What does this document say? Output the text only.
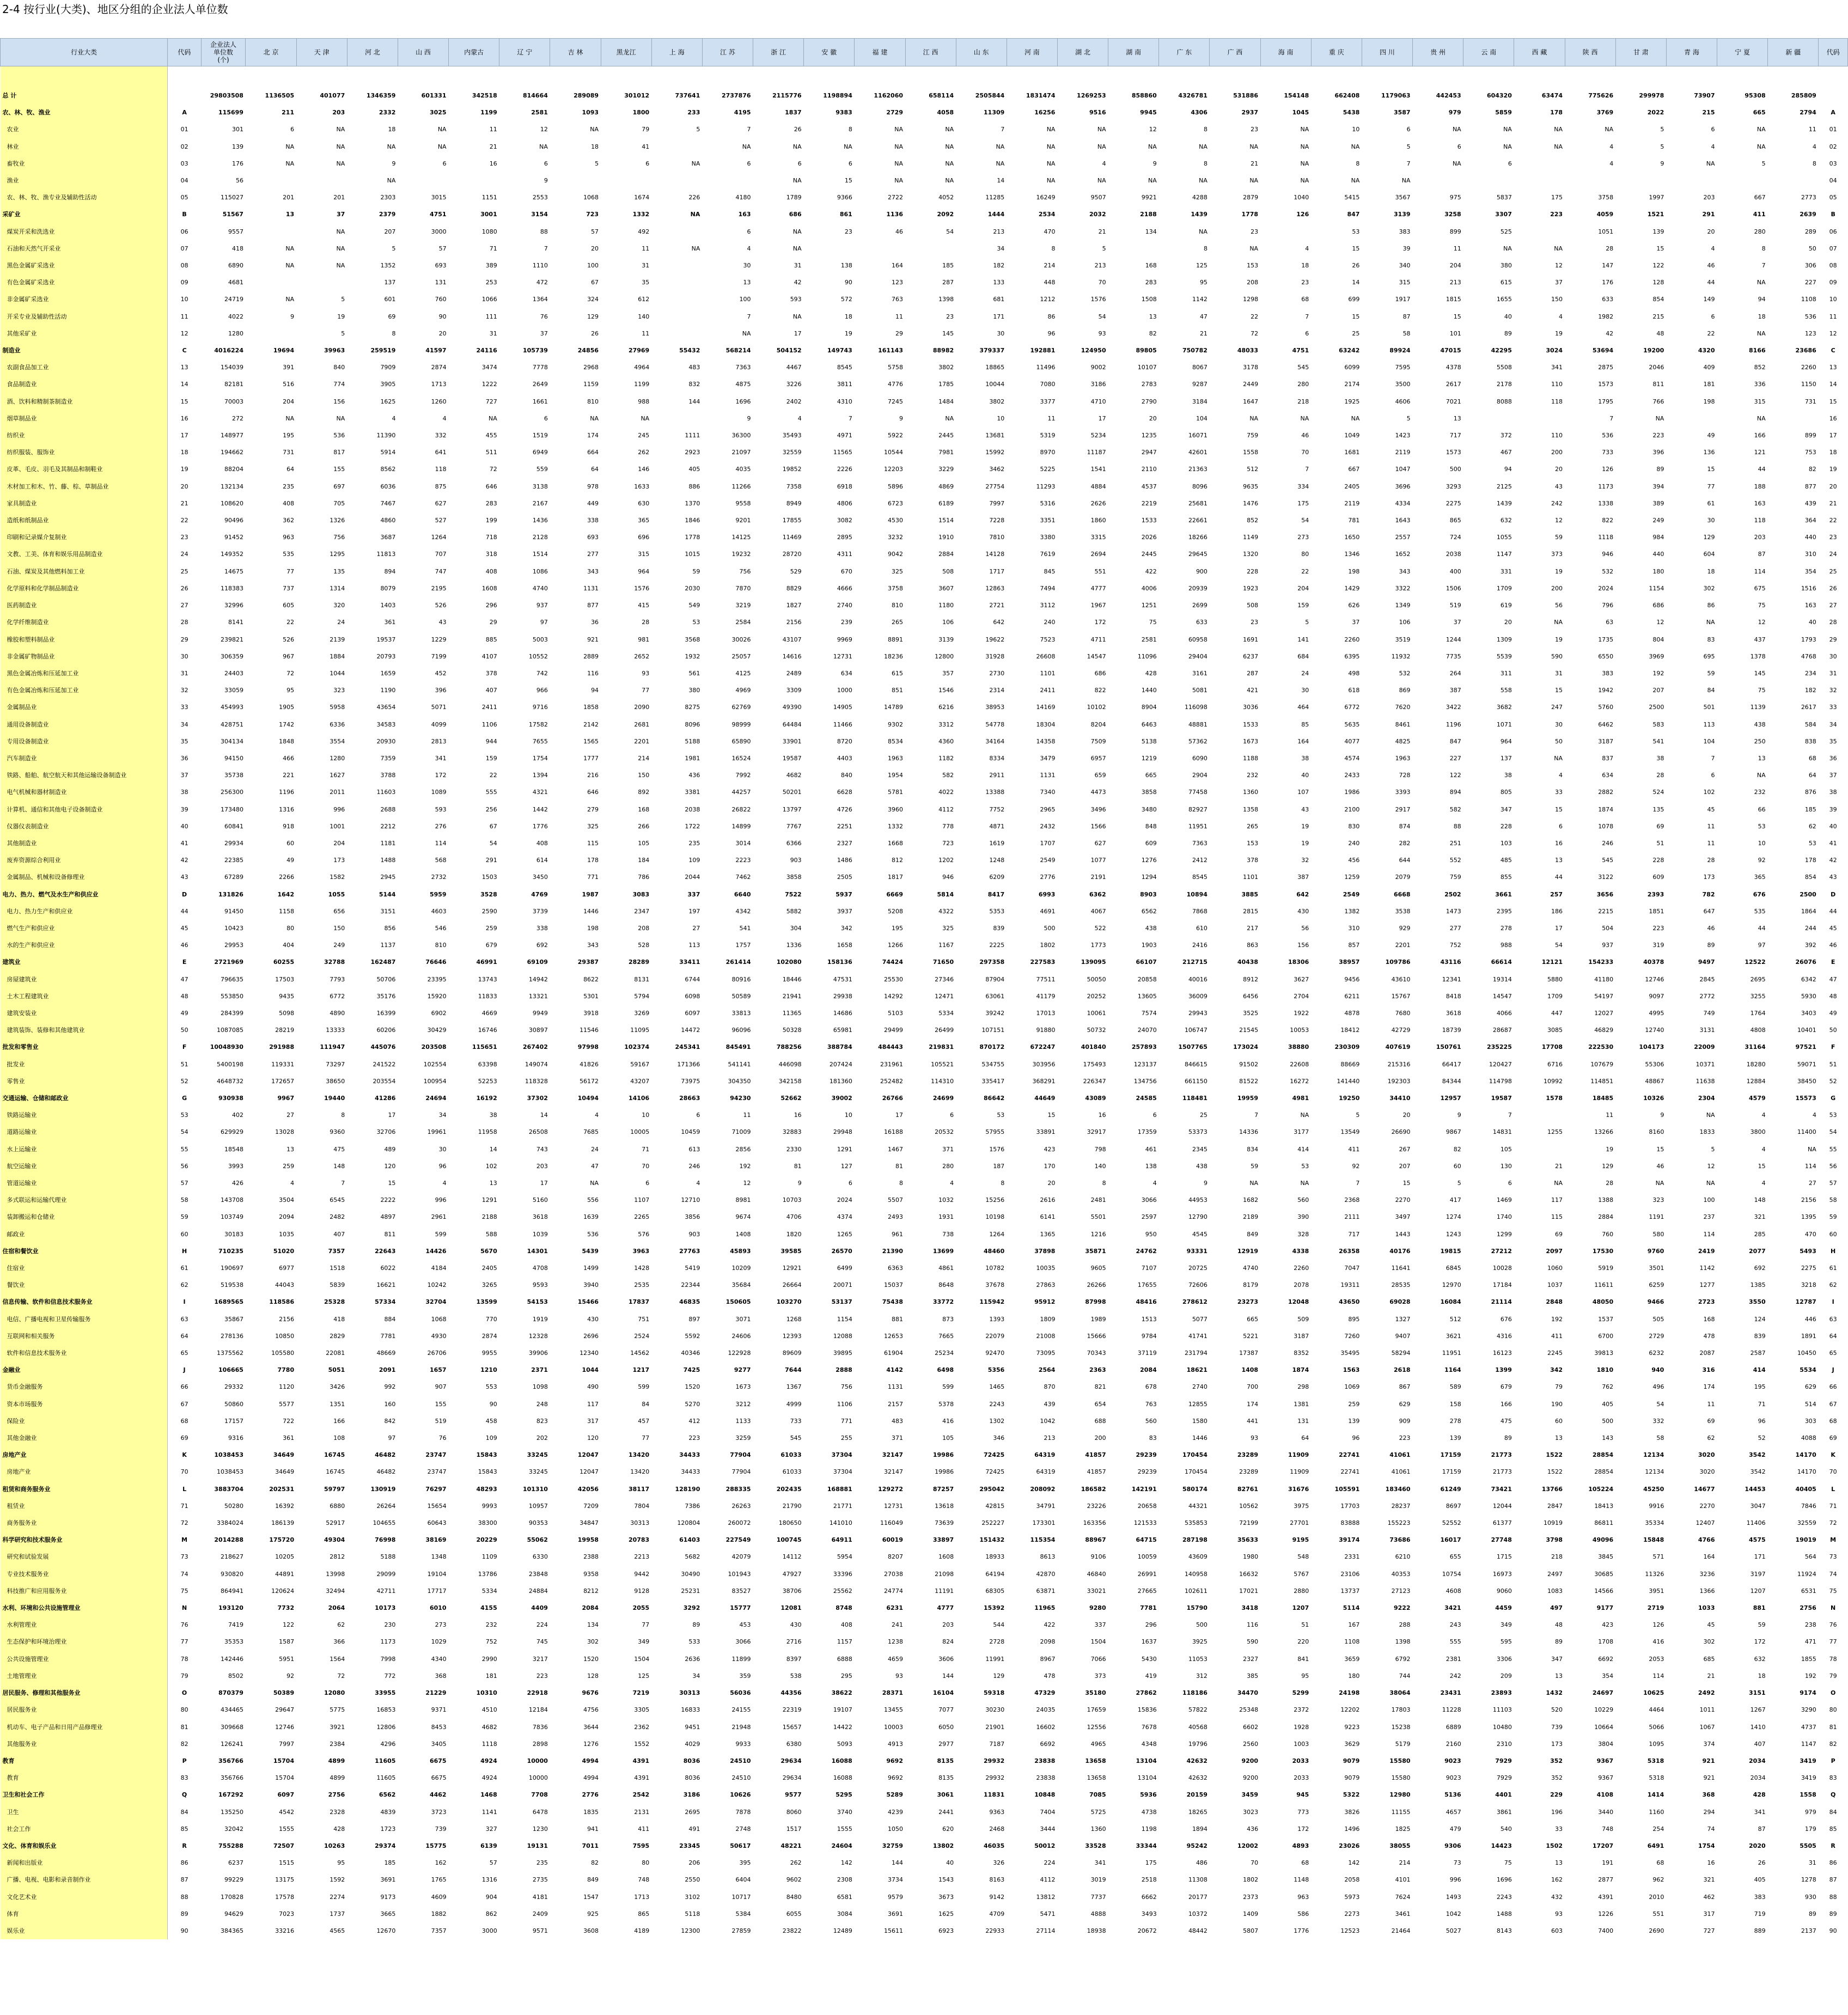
2-4 按行业(大类)、地区分组的企业法人单位数
行业大类	代码	企业法人
单位数
(个)	北 京	天 津	河 北	山 西	内蒙古	辽 宁	吉 林	黑龙江	上 海	江 苏	浙 江	安 徽	福 建	江 西	山 东	河 南	湖 北	湖 南	广 东	广 西	海 南	重 庆	四 川	贵 州	云 南	西 藏	陕 西	甘 肃	青 海	宁 夏	新 疆	代码

总 计		29803508	1136505	401077	1346359	601331	342518	814664	289089	301012	737641	2737876	2115776	1198894	1162060	658114	2505844	1831474	1269253	858860	4326781	531886	154148	662408	1179063	442453	604320	63474	775626	299978	73907	95308	285809	
农、林、牧、渔业	A	115699	211	203	2332	3025	1199	2581	1093	1800	233	4195	1837	9383	2729	4058	11309	16256	9516	9945	4306	2937	1045	5438	3587	979	5859	178	3769	2022	215	665	2794	A
农业	01	301	6	NA	18	NA	11	12	NA	79	5	7	26	8	NA	NA	7	NA	NA	12	8	23	NA	10	6	NA	NA	NA	NA	5	6	NA	11	01
林业	02	139	NA	NA	NA	NA	21	NA	18	41		NA	NA	NA	NA	NA	NA	NA	NA	NA	NA	NA	NA	NA	5	6	NA	NA	4	5	4	NA	4	02
畜牧业	03	176	NA	NA	9	6	16	6	5	6	NA	6	6	6	NA	NA	NA	NA	4	9	8	21	NA	8	7	NA	6		4	9	NA	5	8	03
渔业	04	56			NA			9					NA	15	NA	NA	14	NA	NA	NA	NA	NA	NA	NA	NA									04
农、林、牧、渔专业及辅助性活动	05	115027	201	201	2303	3015	1151	2553	1068	1674	226	4180	1789	9366	2722	4052	11285	16249	9507	9921	4288	2879	1040	5415	3567	975	5837	175	3758	1997	203	667	2773	05
采矿业	B	51567	13	37	2379	4751	3001	3154	723	1332	NA	163	686	861	1136	2092	1444	2534	2032	2188	1439	1778	126	847	3139	3258	3307	223	4059	1521	291	411	2639	B
煤炭开采和洗选业	06	9557		NA	207	3000	1080	88	57	492		6	NA	23	46	54	213	470	21	134	NA	23		53	383	899	525		1051	139	20	280	289	06
石油和天然气开采业	07	418	NA	NA	5	57	71	7	20	11	NA	4	NA				34	8	5		8	NA	4	15	39	11	NA	NA	28	15	4	8	50	07
黑色金属矿采选业	08	6890	NA	NA	1352	693	389	1110	100	31		30	31	138	164	185	182	214	213	168	125	153	18	26	340	204	380	12	147	122	46	7	306	08
有色金属矿采选业	09	4681			137	131	253	472	67	35		13	42	90	123	287	133	448	70	283	95	208	23	14	315	213	615	37	176	128	44	NA	227	09
非金属矿采选业	10	24719	NA	5	601	760	1066	1364	324	612		100	593	572	763	1398	681	1212	1576	1508	1142	1298	68	699	1917	1815	1655	150	633	854	149	94	1108	10
开采专业及辅助性活动	11	4022	9	19	69	90	111	76	129	140		7	NA	18	11	23	171	86	54	13	47	22	7	15	87	15	40	4	1982	215	6	18	536	11
其他采矿业	12	1280		5	8	20	31	37	26	11		NA	17	19	29	145	30	96	93	82	21	72	6	25	58	101	89	19	42	48	22	NA	123	12
制造业	C	4016224	19694	39963	259519	41597	24116	105739	24856	27969	55432	568214	504152	149743	161143	88982	379337	192881	124950	89805	750782	48033	4751	63242	89924	47015	42295	3024	53694	19200	4320	8166	23686	C
农副食品加工业	13	154039	391	840	7909	2874	3474	7778	2968	4964	483	7363	4467	8545	5758	3802	18865	11496	9002	10107	8067	3178	545	6099	7595	4378	5508	341	2875	2046	409	852	2260	13
食品制造业	14	82181	516	774	3905	1713	1222	2649	1159	1199	832	4875	3226	3811	4776	1785	10044	7080	3186	2783	9287	2449	280	2174	3500	2617	2178	110	1573	811	181	336	1150	14
酒、饮料和精制茶制造业	15	70003	204	156	1625	1260	727	1661	810	988	144	1696	2402	4310	7245	1484	3802	3377	4710	2790	3184	1647	218	1925	4606	7021	8088	118	1795	766	198	315	731	15
烟草制品业	16	272	NA	NA	4	4	NA	6	NA	NA		9	4	7	9	NA	10	11	17	20	104	NA	NA	NA	5	13			7	NA		NA		16
纺织业	17	148977	195	536	11390	332	455	1519	174	245	1111	36300	35493	4971	5922	2445	13681	5319	5234	1235	16071	759	46	1049	1423	717	372	110	536	223	49	166	899	17
纺织服装、服饰业	18	194662	731	817	5914	641	511	6949	664	262	2923	21097	32559	11565	10544	7981	15992	8970	11187	2947	42601	1558	70	1681	2119	1573	467	200	733	396	136	121	753	18
皮革、毛皮、羽毛及其制品和制鞋业	19	88204	64	155	8562	118	72	559	64	146	405	4035	19852	2226	12203	3229	3462	5225	1541	2110	21363	512	7	667	1047	500	94	20	126	89	15	44	82	19
木材加工和木、竹、藤、棕、草制品业	20	132134	235	697	6036	875	646	3138	978	1633	886	11266	7358	6918	5896	4869	27754	11293	4884	4537	8096	9635	334	2405	3696	3293	2125	43	1173	394	77	188	877	20
家具制造业	21	108620	408	705	7467	627	283	2167	449	630	1370	9558	8949	4806	6723	6189	7997	5316	2626	2219	25681	1476	175	2119	4334	2275	1439	242	1338	389	61	163	439	21
造纸和纸制品业	22	90496	362	1326	4860	527	199	1436	338	365	1846	9201	17855	3082	4530	1514	7228	3351	1860	1533	22661	852	54	781	1643	865	632	12	822	249	30	118	364	22
印刷和记录媒介复制业	23	91452	963	756	3687	1264	718	2128	693	696	1778	14125	11469	2895	3232	1910	7810	3380	3315	2026	18266	1149	273	1650	2557	724	1055	59	1118	984	129	203	440	23
文教、工美、体育和娱乐用品制造业	24	149352	535	1295	11813	707	318	1514	277	315	1015	19232	28720	4311	9042	2884	14128	7619	2694	2445	29645	1320	80	1346	1652	2038	1147	373	946	440	604	87	310	24
石油、煤炭及其他燃料加工业	25	14675	77	135	894	747	408	1086	343	964	59	756	529	670	325	508	1717	845	551	422	900	228	22	198	343	400	331	19	532	180	18	114	354	25
化学原料和化学制品制造业	26	118383	737	1314	8079	2195	1608	4740	1131	1576	2030	7870	8829	4666	3758	3607	12863	7494	4777	4006	20939	1923	204	1429	3322	1506	1709	200	2024	1154	302	675	1516	26
医药制造业	27	32996	605	320	1403	526	296	937	877	415	549	3219	1827	2740	810	1180	2721	3112	1967	1251	2699	508	159	626	1349	519	619	56	796	686	86	75	163	27
化学纤维制造业	28	8141	22	24	361	43	29	97	36	28	53	2584	2156	239	265	106	642	240	172	75	633	23	5	37	106	37	20	NA	63	12	NA	12	40	28
橡胶和塑料制品业	29	239821	526	2139	19537	1229	885	5003	921	981	3568	30026	43107	9969	8891	3139	19622	7523	4711	2581	60958	1691	141	2260	3519	1244	1309	19	1735	804	83	437	1793	29
非金属矿物制品业	30	306359	967	1884	20793	7199	4107	10552	2889	2652	1932	25057	14616	12731	18236	12800	31928	26608	14547	11096	29404	6237	684	6395	11932	7735	5539	590	6550	3969	695	1378	4768	30
黑色金属冶炼和压延加工业	31	24403	72	1044	1659	452	378	742	116	93	561	4125	2489	634	615	357	2730	1101	686	428	3161	287	24	498	532	264	311	31	383	192	59	145	234	31
有色金属冶炼和压延加工业	32	33059	95	323	1190	396	407	966	94	77	380	4969	3309	1000	851	1546	2314	2411	822	1440	5081	421	30	618	869	387	558	15	1942	207	84	75	182	32
金属制品业	33	454993	1905	5958	43654	5071	2411	9716	1858	2090	8275	62769	49390	14905	14789	6216	38953	14169	10102	8904	116098	3036	464	6772	7620	3422	3682	247	5760	2500	501	1139	2617	33
通用设备制造业	34	428751	1742	6336	34583	4099	1106	17582	2142	2681	8096	98999	64484	11466	9302	3312	54778	18304	8204	6463	48881	1533	85	5635	8461	1196	1071	30	6462	583	113	438	584	34
专用设备制造业	35	304134	1848	3554	20930	2813	944	7655	1565	2201	5188	65890	33901	8720	8534	4360	34164	14358	7509	5138	57362	1673	164	4077	4825	847	964	50	3187	541	104	250	838	35
汽车制造业	36	94150	466	1280	7359	341	159	1754	1777	214	1981	16524	19587	4403	1963	1182	8334	3479	6957	1219	6090	1188	38	4574	1963	227	137	NA	837	38	7	13	68	36
铁路、船舶、航空航天和其他运输设备制造业	37	35738	221	1627	3788	172	22	1394	216	150	436	7992	4682	840	1954	582	2911	1131	659	665	2904	232	40	2433	728	122	38	4	634	28	6	NA	64	37
电气机械和器材制造业	38	256300	1196	2011	11603	1089	555	4321	646	892	3381	44257	50201	6628	5781	4022	13388	7340	4473	3858	77458	1360	107	1986	3393	894	805	33	2882	524	102	232	876	38
计算机、通信和其他电子设备制造业	39	173480	1316	996	2688	593	256	1442	279	168	2038	26822	13797	4726	3960	4112	7752	2965	3496	3480	82927	1358	43	2100	2917	582	347	15	1874	135	45	66	185	39
仪器仪表制造业	40	60841	918	1001	2212	276	67	1776	325	266	1722	14899	7767	2251	1332	778	4871	2432	1566	848	11951	265	19	830	874	88	228	6	1078	69	11	53	62	40
其他制造业	41	29934	60	204	1181	114	54	408	115	105	235	3014	6366	2327	1668	723	1619	1707	627	609	7363	153	19	240	282	251	103	16	246	51	11	10	53	41
废弃资源综合利用业	42	22385	49	173	1488	568	291	614	178	184	109	2223	903	1486	812	1202	1248	2549	1077	1276	2412	378	32	456	644	552	485	13	545	228	28	92	178	42
金属制品、机械和设备修理业	43	67289	2266	1582	2945	2732	1503	3450	771	786	2044	7462	3858	2505	1817	946	6209	2776	2191	1294	8545	1101	387	1259	2079	759	855	44	3122	609	173	365	854	43
电力、热力、燃气及水生产和供应业	D	131826	1642	1055	5144	5959	3528	4769	1987	3083	337	6640	7522	5937	6669	5814	8417	6993	6362	8903	10894	3885	642	2549	6668	2502	3661	257	3656	2393	782	676	2500	D
电力、热力生产和供应业	44	91450	1158	656	3151	4603	2590	3739	1446	2347	197	4342	5882	3937	5208	4322	5353	4691	4067	6562	7868	2815	430	1382	3538	1473	2395	186	2215	1851	647	535	1864	44
燃气生产和供应业	45	10423	80	150	856	546	259	338	198	208	27	541	304	342	195	325	839	500	522	438	610	217	56	310	929	277	278	17	504	223	46	44	244	45
水的生产和供应业	46	29953	404	249	1137	810	679	692	343	528	113	1757	1336	1658	1266	1167	2225	1802	1773	1903	2416	863	156	857	2201	752	988	54	937	319	89	97	392	46
建筑业	E	2721969	60255	32788	162487	76646	46991	69109	29387	28289	33411	261414	102080	158136	74424	71650	297358	227583	139095	66107	212715	40438	18306	38957	109786	43116	66614	12121	154233	40378	9497	12522	26076	E
房屋建筑业	47	796635	17503	7793	50706	23395	13743	14942	8622	8131	6744	80916	18446	47531	25530	27346	87904	77511	50050	20858	40016	8912	3627	9456	43610	12341	19314	5880	41180	12746	2845	2695	6342	47
土木工程建筑业	48	553850	9435	6772	35176	15920	11833	13321	5301	5794	6098	50589	21941	29938	14292	12471	63061	41179	20252	13605	36009	6456	2704	6211	15767	8418	14547	1709	54197	9097	2772	3255	5930	48
建筑安装业	49	284399	5098	4890	16399	6902	4669	9949	3918	3269	6097	33813	11365	14686	5103	5334	39242	17013	10061	7574	29943	3525	1922	4878	7680	3618	4066	447	12027	4995	749	1764	3403	49
建筑装饰、装修和其他建筑业	50	1087085	28219	13333	60206	30429	16746	30897	11546	11095	14472	96096	50328	65981	29499	26499	107151	91880	50732	24070	106747	21545	10053	18412	42729	18739	28687	3085	46829	12740	3131	4808	10401	50
批发和零售业	F	10048930	291988	111947	445076	203508	115651	267402	97998	102374	245341	845491	788256	388784	484443	219831	870172	672247	401840	257893	1507765	173024	38880	230309	407619	150761	235225	17708	222530	104173	22009	31164	97521	F
批发业	51	5400198	119331	73297	241522	102554	63398	149074	41826	59167	171366	541141	446098	207424	231961	105521	534755	303956	175493	123137	846615	91502	22608	88669	215316	66417	120427	6716	107679	55306	10371	18280	59071	51
零售业	52	4648732	172657	38650	203554	100954	52253	118328	56172	43207	73975	304350	342158	181360	252482	114310	335417	368291	226347	134756	661150	81522	16272	141440	192303	84344	114798	10992	114851	48867	11638	12884	38450	52
交通运输、仓储和邮政业	G	930938	9967	19440	41286	24694	16192	37302	10494	14106	28663	94230	52662	39002	26766	24699	86642	44649	43089	24585	118481	19959	4981	19250	34410	12957	19587	1578	18485	10326	2304	4579	15573	G
铁路运输业	53	402	27	8	17	34	38	14	4	10	6	11	16	10	17	6	53	15	16	6	25	7	NA	5	20	9	7		11	9	NA	4	4	53
道路运输业	54	629929	13028	9360	32706	19961	11958	26508	7685	10005	10459	71009	32883	29948	16188	20532	57955	33891	32917	17359	53373	14336	3177	13549	26690	9867	14831	1255	13266	8160	1833	3800	11400	54
水上运输业	55	18548	13	475	489	30	14	743	24	71	613	2856	2330	1291	1467	371	1576	423	798	461	2345	834	414	411	267	82	105		19	15	5	4	NA	55
航空运输业	56	3993	259	148	120	96	102	203	47	70	246	192	81	127	81	280	187	170	140	138	438	59	53	92	207	60	130	21	129	46	12	15	114	56
管道运输业	57	426	4	7	15	4	13	17	NA	6	4	12	9	6	8	4	8	20	8	4	9	NA	NA	7	15	5	6	NA	28	NA	NA	4	27	57
多式联运和运输代理业	58	143708	3504	6545	2222	996	1291	5160	556	1107	12710	8981	10703	2024	5507	1032	15256	2616	2481	3066	44953	1682	560	2368	2270	417	1469	117	1388	323	100	148	2156	58
装卸搬运和仓储业	59	103749	2094	2482	4897	2961	2188	3618	1639	2265	3856	9674	4706	4374	2493	1931	10198	6141	5501	2597	12790	2189	390	2111	3497	1274	1740	115	2884	1191	237	321	1395	59
邮政业	60	30183	1035	407	811	599	588	1039	536	576	903	1408	1820	1265	961	738	1264	1365	1216	950	4545	849	328	717	1443	1243	1299	69	760	580	114	285	470	60
住宿和餐饮业	H	710235	51020	7357	22643	14426	5670	14301	5439	3963	27763	45893	39585	26570	21390	13699	48460	37898	35871	24762	93331	12919	4338	26358	40176	19815	27212	2097	17530	9760	2419	2077	5493	H
住宿业	61	190697	6977	1518	6022	4184	2405	4708	1499	1428	5419	10209	12921	6499	6363	4861	10782	10035	9605	7107	20725	4740	2260	7047	11641	6845	10028	1060	5919	3501	1142	692	2275	61
餐饮业	62	519538	44043	5839	16621	10242	3265	9593	3940	2535	22344	35684	26664	20071	15037	8648	37678	27863	26266	17655	72606	8179	2078	19311	28535	12970	17184	1037	11611	6259	1277	1385	3218	62
信息传输、软件和信息技术服务业	I	1689565	118586	25328	57334	32704	13599	54153	15466	17837	46835	150605	103270	53137	75438	33772	115942	95912	87998	48416	278612	23273	12048	43650	69028	16084	21114	2848	48050	9466	2723	3550	12787	I
电信、广播电视和卫星传输服务	63	35867	2156	418	884	1068	770	1919	430	751	897	3071	1268	1154	881	873	1393	1809	1989	1513	5077	665	509	895	1327	512	676	192	1537	505	168	124	446	63
互联网和相关服务	64	278136	10850	2829	7781	4930	2874	12328	2696	2524	5592	24606	12393	12088	12653	7665	22079	21008	15666	9784	41741	5221	3187	7260	9407	3621	4316	411	6700	2729	478	839	1891	64
软件和信息技术服务业	65	1375562	105580	22081	48669	26706	9955	39906	12340	14562	40346	122928	89609	39895	61904	25234	92470	73095	70343	37119	231794	17387	8352	35495	58294	11951	16123	2245	39813	6232	2087	2587	10450	65
金融业	J	106665	7780	5051	2091	1657	1210	2371	1044	1217	7425	9277	7644	2888	4142	6498	5356	2564	2363	2084	18621	1408	1874	1563	2618	1164	1399	342	1810	940	316	414	5534	J
货币金融服务	66	29332	1120	3426	992	907	553	1098	490	599	1520	1673	1367	756	1131	599	1465	870	821	678	2740	700	298	1069	867	589	679	79	762	496	174	195	629	66
资本市场服务	67	50860	5577	1351	160	155	90	248	117	84	5270	3212	4999	1106	2157	5378	2243	439	654	763	12855	174	1381	259	629	158	166	190	405	54	11	71	514	67
保险业	68	17157	722	166	842	519	458	823	317	457	412	1133	733	771	483	416	1302	1042	688	560	1580	441	131	139	909	278	475	60	500	332	69	96	303	68
其他金融业	69	9316	361	108	97	76	109	202	120	77	223	3259	545	255	371	105	346	213	200	83	1446	93	64	96	223	139	89	13	143	58	62	52	4088	69
房地产业	K	1038453	34649	16745	46482	23747	15843	33245	12047	13420	34433	77904	61033	37304	32147	19986	72425	64319	41857	29239	170454	23289	11909	22741	41061	17159	21773	1522	28854	12134	3020	3542	14170	K
房地产业	70	1038453	34649	16745	46482	23747	15843	33245	12047	13420	34433	77904	61033	37304	32147	19986	72425	64319	41857	29239	170454	23289	11909	22741	41061	17159	21773	1522	28854	12134	3020	3542	14170	70
租赁和商务服务业	L	3883704	202531	59797	130919	76297	48293	101310	42056	38117	128190	288335	202435	168881	129272	87257	295042	208092	186582	142191	580174	82761	31676	105591	183460	61249	73421	13766	105224	45250	14677	14453	40405	L
租赁业	71	50280	16392	6880	26264	15654	9993	10957	7209	7804	7386	26263	21790	21771	12731	13618	42815	34791	23226	20658	44321	10562	3975	17703	28237	8697	12044	2847	18413	9916	2270	3047	7846	71
商务服务业	72	3384024	186139	52917	104655	60643	38300	90353	34847	30313	120804	260072	180650	141010	116049	73639	252227	173301	163356	121533	535853	72199	27701	83888	155223	52552	61377	10919	86811	35334	12407	11406	32559	72
科学研究和技术服务业	M	2014288	175720	49304	76998	38169	20229	55062	19958	20783	61403	227549	100745	64911	60019	33897	151432	115354	88967	64715	287198	35633	9195	39174	73686	16017	27748	3798	49096	15848	4766	4575	19019	M
研究和试验发展	73	218627	10205	2812	5188	1348	1109	6330	2388	2213	5682	42079	14112	5954	8207	1608	18933	8613	9106	10059	43609	1980	548	2331	6210	655	1715	218	3845	571	164	171	564	73
专业技术服务业	74	930820	44891	13998	29099	19104	13786	23848	9358	9442	30490	101943	47927	33396	27038	21098	64194	42870	46840	26991	140958	16632	5767	23106	40353	10754	16973	2497	30685	11326	3236	3197	11924	74
科技推广和应用服务业	75	864941	120624	32494	42711	17717	5334	24884	8212	9128	25231	83527	38706	25562	24774	11191	68305	63871	33021	27665	102611	17021	2880	13737	27123	4608	9060	1083	14566	3951	1366	1207	6531	75
水利、环境和公共设施管理业	N	193120	7732	2064	10173	6010	4155	4409	2084	2055	3292	15777	12081	8748	6231	4777	15392	11965	9280	7781	15790	3418	1207	5114	9222	3421	4459	497	9177	2719	1033	881	2756	N
水利管理业	76	7419	122	62	230	273	232	224	134	77	89	453	430	408	241	203	544	422	337	296	500	116	51	167	288	243	349	48	423	126	45	59	238	76
生态保护和环境治理业	77	35353	1587	366	1173	1029	752	745	302	349	533	3066	2716	1157	1238	824	2728	2098	1504	1637	3925	590	220	1108	1398	555	595	89	1708	416	302	172	471	77
公共设施管理业	78	142446	5951	1564	7998	4340	2990	3217	1520	1504	2636	11899	8397	6888	4659	3606	11991	8967	7066	5430	11053	2327	841	3659	6792	2381	3306	347	6692	2053	685	632	1855	78
土地管理业	79	8502	92	72	772	368	181	223	128	125	34	359	538	295	93	144	129	478	373	419	312	385	95	180	744	242	209	13	354	114	21	18	192	79
居民服务、修理和其他服务业	O	870379	50389	12080	33955	21229	10310	22918	9676	7219	30313	56036	44356	38622	28371	16104	59318	47329	35180	27862	118186	34470	5299	24198	38064	23431	23893	1432	24697	10625	2492	3151	9174	O
居民服务业	80	434465	29647	5775	16853	9371	4510	12184	4756	3305	16833	24155	22319	19107	13455	7077	30230	24035	17659	15836	57822	25348	2372	12202	17803	11228	11103	520	10229	4464	1011	1267	3290	80
机动车、电子产品和日用产品修理业	81	309668	12746	3921	12806	8453	4682	7836	3644	2362	9451	21948	15657	14422	10003	6050	21901	16602	12556	7678	40568	6602	1928	9223	15238	6889	10480	739	10664	5066	1067	1410	4737	81
其他服务业	82	126241	7997	2384	4296	3405	1118	2898	1276	1552	4029	9933	6380	5093	4913	2977	7187	6692	4965	4348	19796	2560	1003	3629	5179	2160	2310	173	3804	1095	374	407	1147	82
教育	P	356766	15704	4899	11605	6675	4924	10000	4994	4391	8036	24510	29634	16088	9692	8135	29932	23838	13658	13104	42632	9200	2033	9079	15580	9023	7929	352	9367	5318	921	2034	3419	P
教育	83	356766	15704	4899	11605	6675	4924	10000	4994	4391	8036	24510	29634	16088	9692	8135	29932	23838	13658	13104	42632	9200	2033	9079	15580	9023	7929	352	9367	5318	921	2034	3419	83
卫生和社会工作	Q	167292	6097	2756	6562	4462	1468	7708	2776	2542	3186	10626	9577	5295	5289	3061	11831	10848	7085	5936	20159	3459	945	5322	12980	5136	4401	229	4108	1414	368	428	1558	Q
卫生	84	135250	4542	2328	4839	3723	1141	6478	1835	2131	2695	7878	8060	3740	4239	2441	9363	7404	5725	4738	18265	3023	773	3826	11155	4657	3861	196	3440	1160	294	341	979	84
社会工作	85	32042	1555	428	1723	739	327	1230	941	411	491	2748	1517	1555	1050	620	2468	3444	1360	1198	1894	436	172	1496	1825	479	540	33	748	254	74	87	179	85
文化、体育和娱乐业	R	755288	72507	10263	29374	15775	6139	19131	7011	7595	23345	50617	48221	24604	32759	13802	46035	50012	33528	33344	95242	12002	4893	23026	38055	9306	14423	1502	17207	6491	1754	2020	5505	R
新闻和出版业	86	6237	1515	95	185	162	57	235	82	80	206	395	262	142	144	40	326	224	341	175	486	70	68	142	214	73	75	13	191	68	16	26	31	86
广播、电视、电影和录音制作业	87	99229	13175	1592	3691	1765	1316	2735	849	748	2550	6404	9602	2308	3734	1543	8163	4112	3019	2518	11308	1802	1148	2058	4101	996	1696	162	2877	962	321	405	1278	87
文化艺术业	88	170828	17578	2274	9173	4609	904	4181	1547	1713	3102	10717	8480	6581	9579	3673	9142	13812	7737	6662	20177	2373	963	5973	7624	1493	2243	432	4391	2010	462	383	930	88
体育	89	94629	7023	1737	3665	1882	862	2409	925	865	5118	5384	6055	3084	3691	1625	4709	5471	4888	3493	10372	1409	586	2273	3461	1042	1488	93	1226	551	317	719	89	89
娱乐业	90	384365	33216	4565	12670	7357	3000	9571	3608	4189	12300	27859	23822	12489	15611	6923	22933	27114	18938	20672	48442	5807	1776	12523	21464	5027	8143	603	7400	2690	727	889	2137	90
